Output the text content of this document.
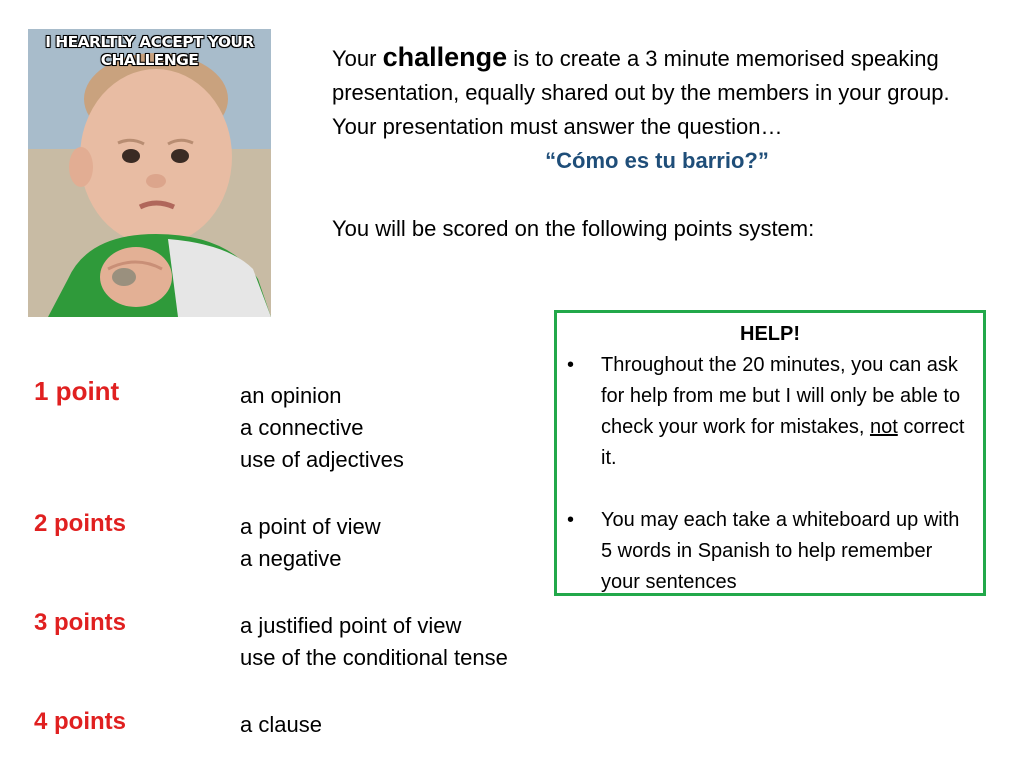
I HEARLTLY ACCEPT YOUR CHALLENGE	Your challenge is to create a 3 minute memorised speaking presentation, equally shared out by the members in your group.

Your presentation must answer the question…

“Cómo es tu barrio?”

You will be scored on the following points system:

HELP!

• Throughout the 20 minutes, you can ask for help from me but I will only be able to check your work for mistakes, not correct it.
• You may each take a whiteboard up with 5 words in Spanish to help remember your sentences
1 point	an opinion
a connective
use of adjectives
2 points	a point of view
a negative
3 points	a justified point of view
use of the conditional tense
4 points	a clause
